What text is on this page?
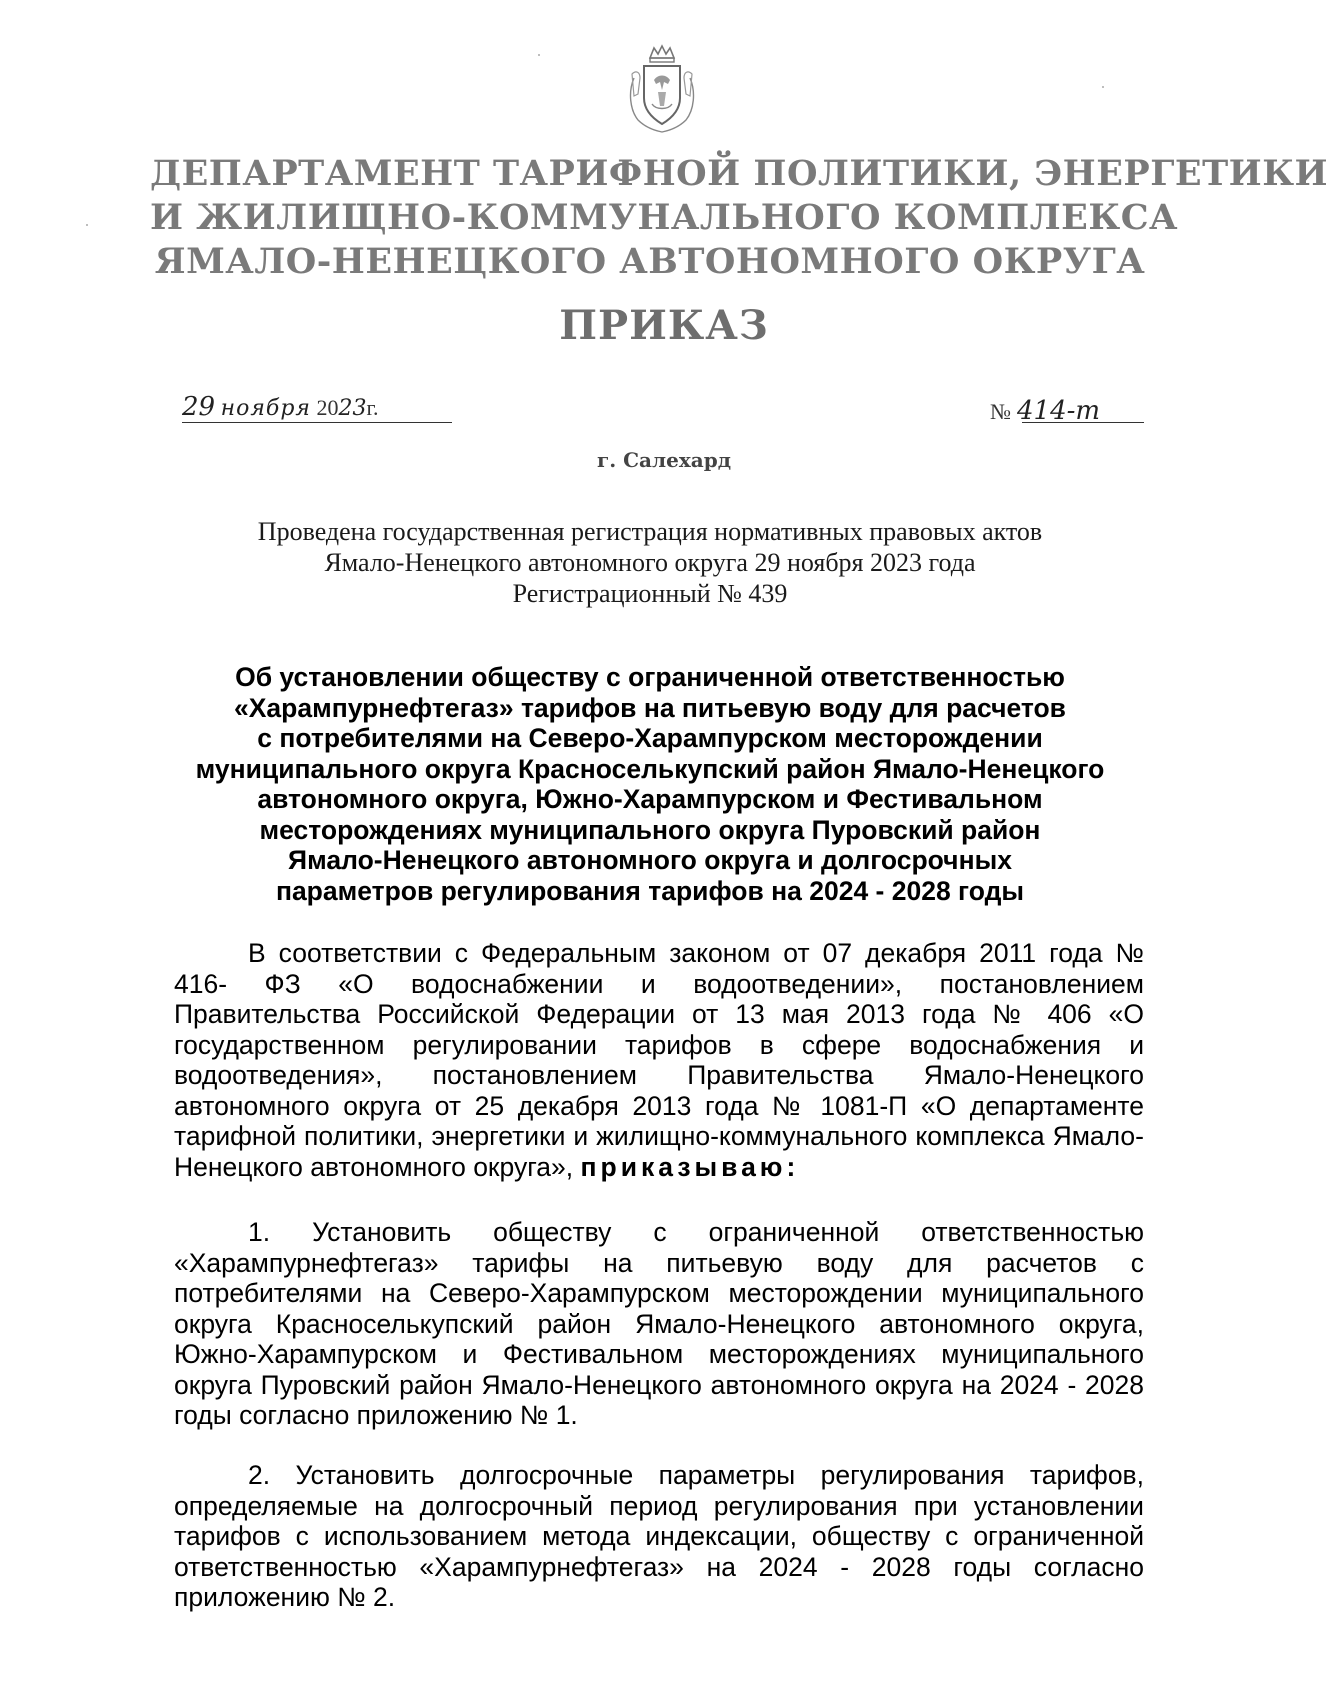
ДЕПАРТАМЕНТ ТАРИФНОЙ ПОЛИТИКИ, ЭНЕРГЕТИКИ
И ЖИЛИЩНО-КОММУНАЛЬНОГО КОМПЛЕКСА
ЯМАЛО-НЕНЕЦКОГО АВТОНОМНОГО ОКРУГА
ПРИКАЗ
29 ноября 2023г.	№ 414-т
г. Салехард
Проведена государственная регистрация нормативных правовых актов
Ямало-Ненецкого автономного округа 29 ноября 2023 года
Регистрационный № 439
Об установлении обществу с ограниченной ответственностью
«Харампурнефтегаз» тарифов на питьевую воду для расчетов
с потребителями на Северо-Харампурском месторождении
муниципального округа Красноселькупский район Ямало-Ненецкого
автономного округа, Южно-Харампурском и Фестивальном
месторождениях муниципального округа Пуровский район
Ямало-Ненецкого автономного округа и долгосрочных
параметров регулирования тарифов на 2024 - 2028 годы

В соответствии с Федеральным законом от 07 декабря 2011 года № 416- ФЗ «О водоснабжении и водоотведении», постановлением Правительства Российской Федерации от 13 мая 2013 года № 406 «О государственном регулировании тарифов в сфере водоснабжения и водоотведения», постановлением Правительства Ямало-Ненецкого автономного округа от 25 декабря 2013 года № 1081-П «О департаменте тарифной политики, энергетики и жилищно-коммунального комплекса Ямало-Ненецкого автономного округа», приказываю:

1. Установить обществу с ограниченной ответственностью «Харампурнефтегаз» тарифы на питьевую воду для расчетов с потребителями на Северо-Харампурском месторождении муниципального округа Красноселькупский район Ямало-Ненецкого автономного округа, Южно-Харампурском и Фестивальном месторождениях муниципального округа Пуровский район Ямало-Ненецкого автономного округа на 2024 - 2028 годы согласно приложению № 1.

2. Установить долгосрочные параметры регулирования тарифов, определяемые на долгосрочный период регулирования при установлении тарифов с использованием метода индексации, обществу с ограниченной ответственностью «Харампурнефтегаз» на 2024 - 2028 годы согласно приложению № 2.
